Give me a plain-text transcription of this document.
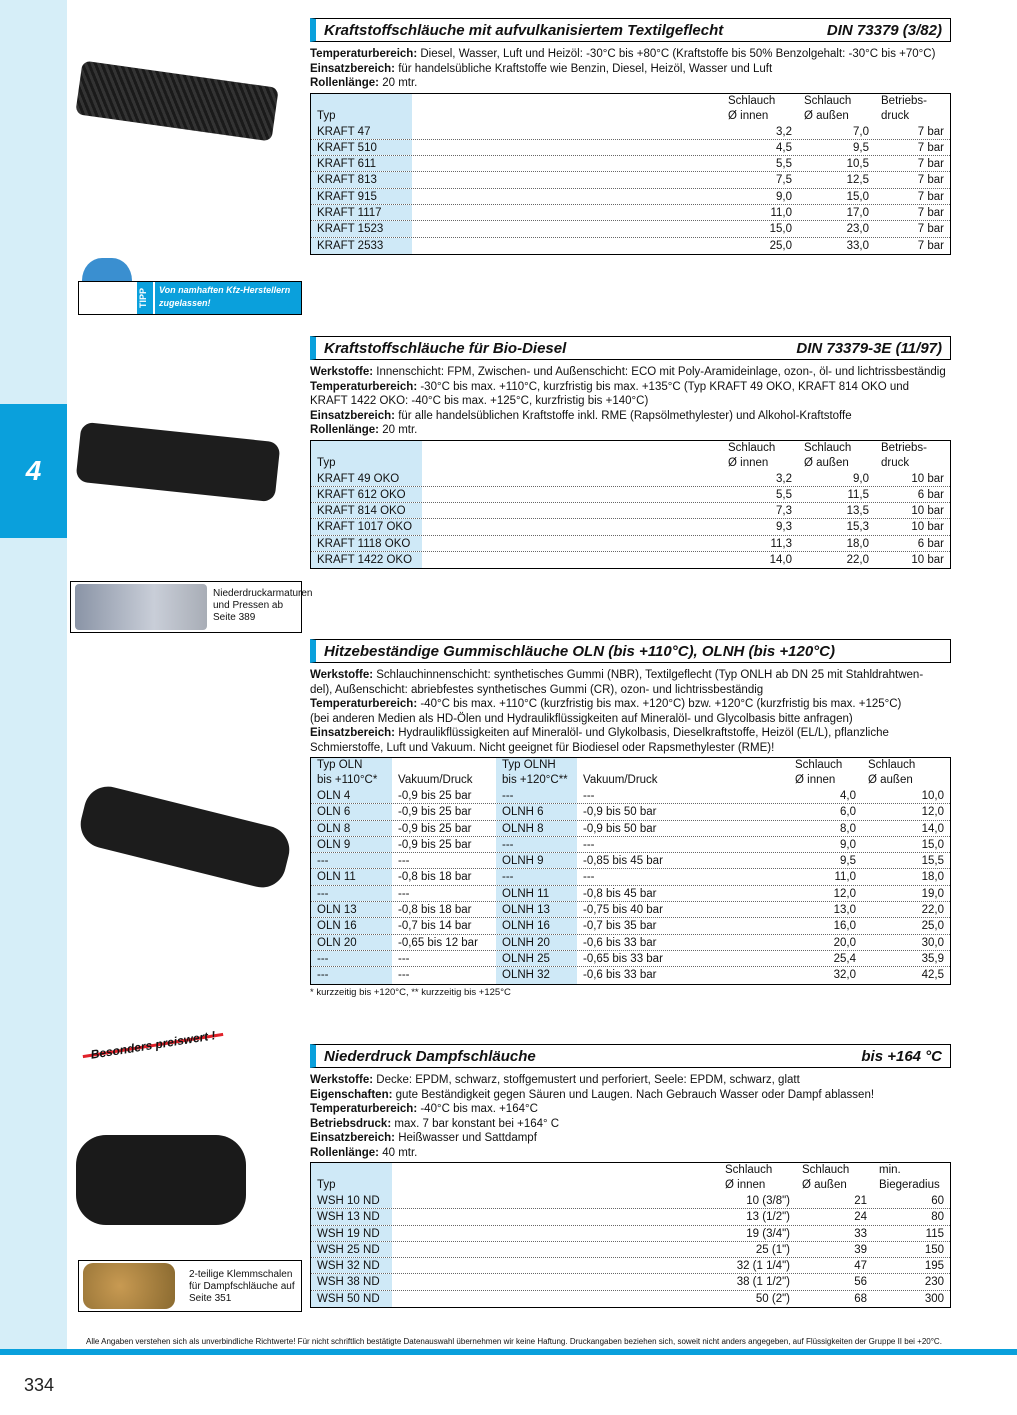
4
TIPP	Von namhaften Kfz-Herstellern zugelassen!
Niederdruckarmaturen und Pressen ab Seite 389
Besonders preiswert !
2-teilige Klemmschalen für Dampfschläuche auf Seite 351
Kraftstoffschläuche mit aufvulkanisiertem Textilgeflecht	DIN 73379 (3/82)
Temperaturbereich: Diesel, Wasser, Luft und Heizöl: -30°C bis +80°C (Kraftstoffe bis 50% Benzolgehalt: -30°C bis +70°C)
Einsatzbereich: für handelsübliche Kraftstoffe wie Benzin, Diesel, Heizöl, Wasser und Luft
Rollenlänge: 20 mtr.
Schlauch	Schlauch	Betriebs-
Typ	Ø innen	Ø außen	druck
KRAFT 47	3,2	7,0	7 bar
KRAFT 510	4,5	9,5	7 bar
KRAFT 611	5,5	10,5	7 bar
KRAFT 813	7,5	12,5	7 bar
KRAFT 915	9,0	15,0	7 bar
KRAFT 1117	11,0	17,0	7 bar
KRAFT 1523	15,0	23,0	7 bar
KRAFT 2533	25,0	33,0	7 bar
Kraftstoffschläuche für Bio-Diesel	DIN 73379-3E (11/97)
Werkstoffe: Innenschicht: FPM, Zwischen- und Außenschicht: ECO mit Poly-Aramideinlage, ozon-, öl- und lichtrissbeständig
Temperaturbereich: -30°C bis max. +110°C, kurzfristig bis max. +135°C (Typ KRAFT 49 OKO, KRAFT 814 OKO und
KRAFT 1422 OKO: -40°C bis max. +125°C, kurzfristig bis +140°C)
Einsatzbereich: für alle handelsüblichen Kraftstoffe inkl. RME (Rapsölmethylester) und Alkohol-Kraftstoffe
Rollenlänge: 20 mtr.
Schlauch	Schlauch	Betriebs-
Typ	Ø innen	Ø außen	druck
KRAFT 49 OKO	3,2	9,0	10 bar
KRAFT 612 OKO	5,5	11,5	6 bar
KRAFT 814 OKO	7,3	13,5	10 bar
KRAFT 1017 OKO	9,3	15,3	10 bar
KRAFT 1118 OKO	11,3	18,0	6 bar
KRAFT 1422 OKO	14,0	22,0	10 bar
Hitzebeständige Gummischläuche OLN (bis +110°C), OLNH (bis +120°C)
Werkstoffe: Schlauchinnenschicht: synthetisches Gummi (NBR), Textilgeflecht (Typ ONLH ab DN 25 mit Stahldrahtwen-
del), Außenschicht: abriebfestes synthetisches Gummi (CR), ozon- und lichtrissbeständig
Temperaturbereich: -40°C bis max. +110°C (kurzfristig bis max. +120°C) bzw. +120°C (kurzfristig bis max. +125°C)
(bei anderen Medien als HD-Ölen und Hydraulikflüssigkeiten auf Mineralöl- und Glycolbasis bitte anfragen)
Einsatzbereich: Hydraulikflüssigkeiten auf Mineralöl- und Glykolbasis, Dieselkraftstoffe, Heizöl (EL/L), pflanzliche
Schmierstoffe, Luft und Vakuum. Nicht geeignet für Biodiesel oder Rapsmethylester (RME)!
Typ OLN	Typ OLNH	Schlauch	Schlauch
bis +110°C*	Vakuum/Druck	bis +120°C**	Vakuum/Druck	Ø innen	Ø außen
OLN 4	-0,9 bis 25 bar	---	---	4,0	10,0
OLN 6	-0,9 bis 25 bar	OLNH 6	-0,9 bis 50 bar	6,0	12,0
OLN 8	-0,9 bis 25 bar	OLNH 8	-0,9 bis 50 bar	8,0	14,0
OLN 9	-0,9 bis 25 bar	---	---	9,0	15,0
---	---	OLNH 9	-0,85 bis 45 bar	9,5	15,5
OLN 11	-0,8 bis 18 bar	---	---	11,0	18,0
---	---	OLNH 11	-0,8 bis 45 bar	12,0	19,0
OLN 13	-0,8 bis 18 bar	OLNH 13	-0,75 bis 40 bar	13,0	22,0
OLN 16	-0,7 bis 14 bar	OLNH 16	-0,7 bis 35 bar	16,0	25,0
OLN 20	-0,65 bis 12 bar	OLNH 20	-0,6 bis 33 bar	20,0	30,0
---	---	OLNH 25	-0,65 bis 33 bar	25,4	35,9
---	---	OLNH 32	-0,6 bis 33 bar	32,0	42,5
* kurzzeitig bis +120°C, ** kurzzeitig bis +125°C
Niederdruck Dampfschläuche	bis +164 °C
Werkstoffe: Decke: EPDM, schwarz, stoffgemustert und perforiert, Seele: EPDM, schwarz, glatt
Eigenschaften: gute Beständigkeit gegen Säuren und Laugen. Nach Gebrauch Wasser oder Dampf ablassen!
Temperaturbereich: -40°C bis max. +164°C
Betriebsdruck: max. 7 bar konstant bei +164° C
Einsatzbereich: Heißwasser und Sattdampf
Rollenlänge: 40 mtr.
Schlauch	Schlauch	min.
Typ	Ø innen	Ø außen	Biegeradius
WSH 10 ND	10 (3/8")	21	60
WSH 13 ND	13 (1/2")	24	80
WSH 19 ND	19 (3/4")	33	115
WSH 25 ND	25 (1")	39	150
WSH 32 ND	32 (1 1/4")	47	195
WSH 38 ND	38 (1 1/2")	56	230
WSH 50 ND	50 (2")	68	300
Alle Angaben verstehen sich als unverbindliche Richtwerte! Für nicht schriftlich bestätigte Datenauswahl übernehmen wir keine Haftung. Druckangaben beziehen sich, soweit nicht anders angegeben, auf Flüssigkeiten der Gruppe II bei +20°C.
334
